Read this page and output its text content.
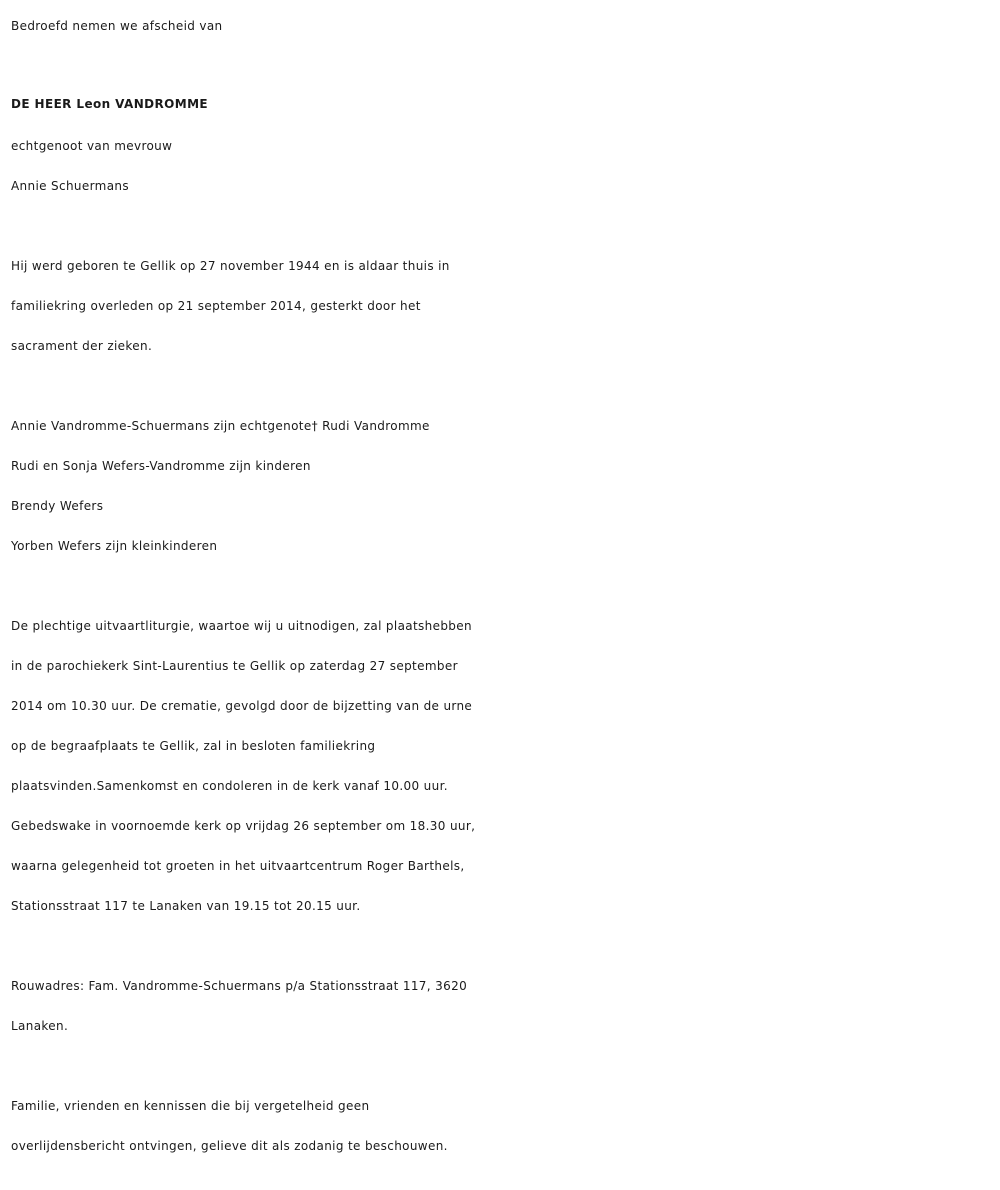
Bedroefd nemen we afscheid van

DE HEER Leon VANDROMME

echtgenoot van mevrouw

Annie Schuermans

Hij werd geboren te Gellik op 27 november 1944 en is aldaar thuis in

familiekring overleden op 21 september 2014, gesterkt door het

sacrament der zieken.

Annie Vandromme-Schuermans zijn echtgenote† Rudi Vandromme

Rudi en Sonja Wefers-Vandromme zijn kinderen

Brendy Wefers

Yorben Wefers zijn kleinkinderen

De plechtige uitvaartliturgie, waartoe wij u uitnodigen, zal plaatshebben

in de parochiekerk Sint-Laurentius te Gellik op zaterdag 27 september

2014 om 10.30 uur. De crematie, gevolgd door de bijzetting van de urne

op de begraafplaats te Gellik, zal in besloten familiekring

plaatsvinden.Samenkomst en condoleren in de kerk vanaf 10.00 uur.

Gebedswake in voornoemde kerk op vrijdag 26 september om 18.30 uur,

waarna gelegenheid tot groeten in het uitvaartcentrum Roger Barthels,

Stationsstraat 117 te Lanaken van 19.15 tot 20.15 uur.

Rouwadres: Fam. Vandromme-Schuermans p/a Stationsstraat 117, 3620

Lanaken.

Familie, vrienden en kennissen die bij vergetelheid geen

overlijdensbericht ontvingen, gelieve dit als zodanig te beschouwen.
